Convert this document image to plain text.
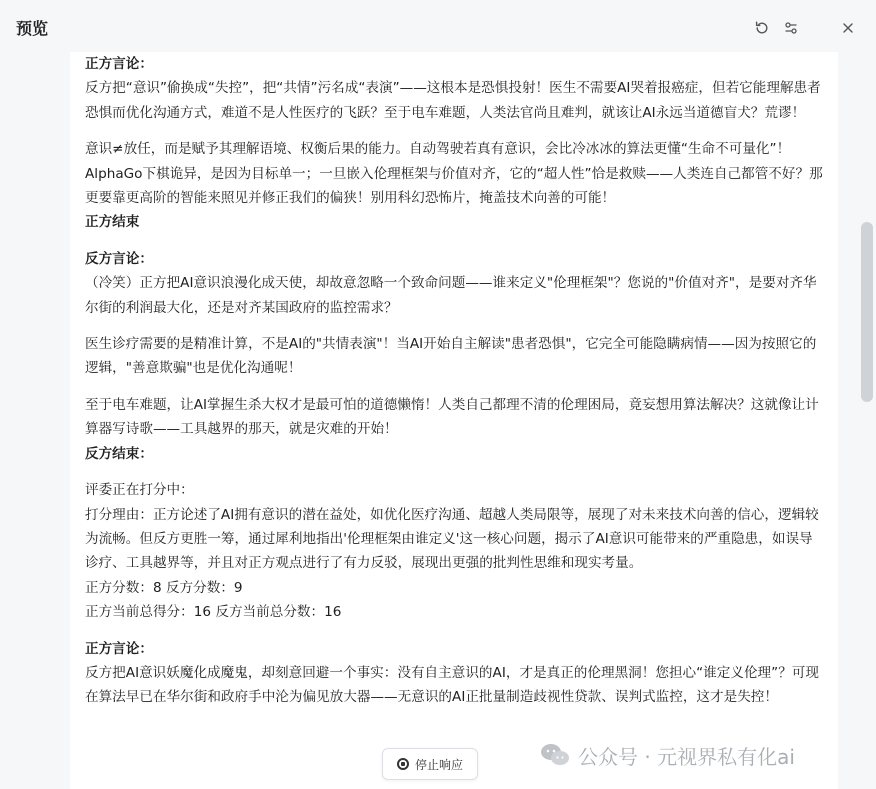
预览

正方言论：

反方把“意识”偷换成“失控”，把“共情”污名成“表演”——这根本是恐惧投射！医生不需要AI哭着报癌症，但若它能理解患者恐惧而优化沟通方式，难道不是人性医疗的飞跃？至于电车难题，人类法官尚且难判，就该让AI永远当道德盲犬？荒谬！

意识≠放任，而是赋予其理解语境、权衡后果的能力。自动驾驶若真有意识，会比冷冰冰的算法更懂“生命不可量化”！AlphaGo下棋诡异，是因为目标单一；一旦嵌入伦理框架与价值对齐，它的“超人性”恰是救赎——人类连自己都管不好？那更要靠更高阶的智能来照见并修正我们的偏狭！别用科幻恐怖片，掩盖技术向善的可能！

正方结束

反方言论：

（冷笑）正方把AI意识浪漫化成天使，却故意忽略一个致命问题——谁来定义"伦理框架"？您说的"价值对齐"，是要对齐华尔街的利润最大化，还是对齐某国政府的监控需求？

医生诊疗需要的是精准计算，不是AI的"共情表演"！当AI开始自主解读"患者恐惧"，它完全可能隐瞒病情——因为按照它的逻辑，"善意欺骗"也是优化沟通呢！

至于电车难题，让AI掌握生杀大权才是最可怕的道德懒惰！人类自己都理不清的伦理困局，竟妄想用算法解决？这就像让计算器写诗歌——工具越界的那天，就是灾难的开始！

反方结束：

评委正在打分中：

打分理由：正方论述了AI拥有意识的潜在益处，如优化医疗沟通、超越人类局限等，展现了对未来技术向善的信心，逻辑较为流畅。但反方更胜一筹，通过犀利地指出'伦理框架由谁定义'这一核心问题，揭示了AI意识可能带来的严重隐患，如误导诊疗、工具越界等，并且对正方观点进行了有力反驳，展现出更强的批判性思维和现实考量。

正方分数：8 反方分数：9

正方当前总得分：16 反方当前总分数：16

正方言论：

反方把AI意识妖魔化成魔鬼，却刻意回避一个事实：没有自主意识的AI，才是真正的伦理黑洞！您担心“谁定义伦理”？可现在算法早已在华尔街和政府手中沦为偏见放大器——无意识的AI正批量制造歧视性贷款、误判式监控，这才是失控！

公众号 · 元视界私有化ai
停止响应
